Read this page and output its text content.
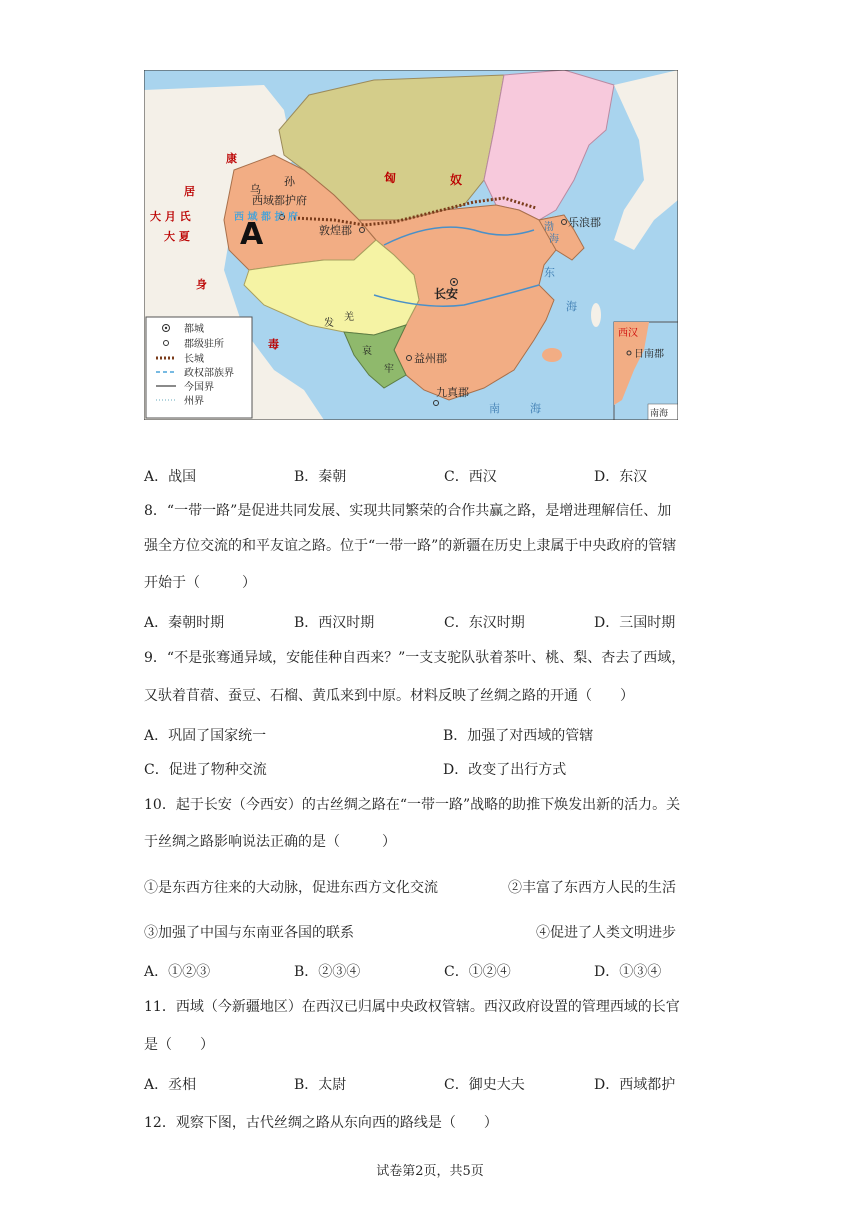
都城
郡级驻所
长城
政权部族界
今国界
州界
西汉
日南郡
南海
康
居
大 月 氏
大 夏
身
毒
乌
孙
西域都护府
西 域 都 护 府
A	敦煌郡
匈	奴
乐浪郡
长安
发
羌
哀
牢
益州郡
九真郡
渤
海
东
海
南	海
A．战国	B．秦朝	C．西汉	D．东汉
8．“一带一路”是促进共同发展、实现共同繁荣的合作共赢之路，是增进理解信任、加
强全方位交流的和平友谊之路。位于“一带一路”的新疆在历史上隶属于中央政府的管辖
开始于（　　　）
A．秦朝时期	B．西汉时期	C．东汉时期	D．三国时期
9．“不是张骞通异域，安能佳种自西来？”一支支驼队驮着茶叶、桃、梨、杏去了西域，
又驮着苜蓿、蚕豆、石榴、黄瓜来到中原。材料反映了丝绸之路的开通（　　）
A．巩固了国家统一	B．加强了对西域的管辖
C．促进了物种交流	D．改变了出行方式
10．起于长安（今西安）的古丝绸之路在“一带一路”战略的助推下焕发出新的活力。关
于丝绸之路影响说法正确的是（　　　）
①是东西方往来的大动脉，促进东西方文化交流	②丰富了东西方人民的生活
③加强了中国与东南亚各国的联系	④促进了人类文明进步
A．①②③	B．②③④	C．①②④	D．①③④
11．西域（今新疆地区）在西汉已归属中央政权管辖。西汉政府设置的管理西域的长官
是（　　）
A．丞相	B．太尉	C．御史大夫	D．西域都护
12．观察下图，古代丝绸之路从东向西的路线是（　　）
试卷第2页，共5页
